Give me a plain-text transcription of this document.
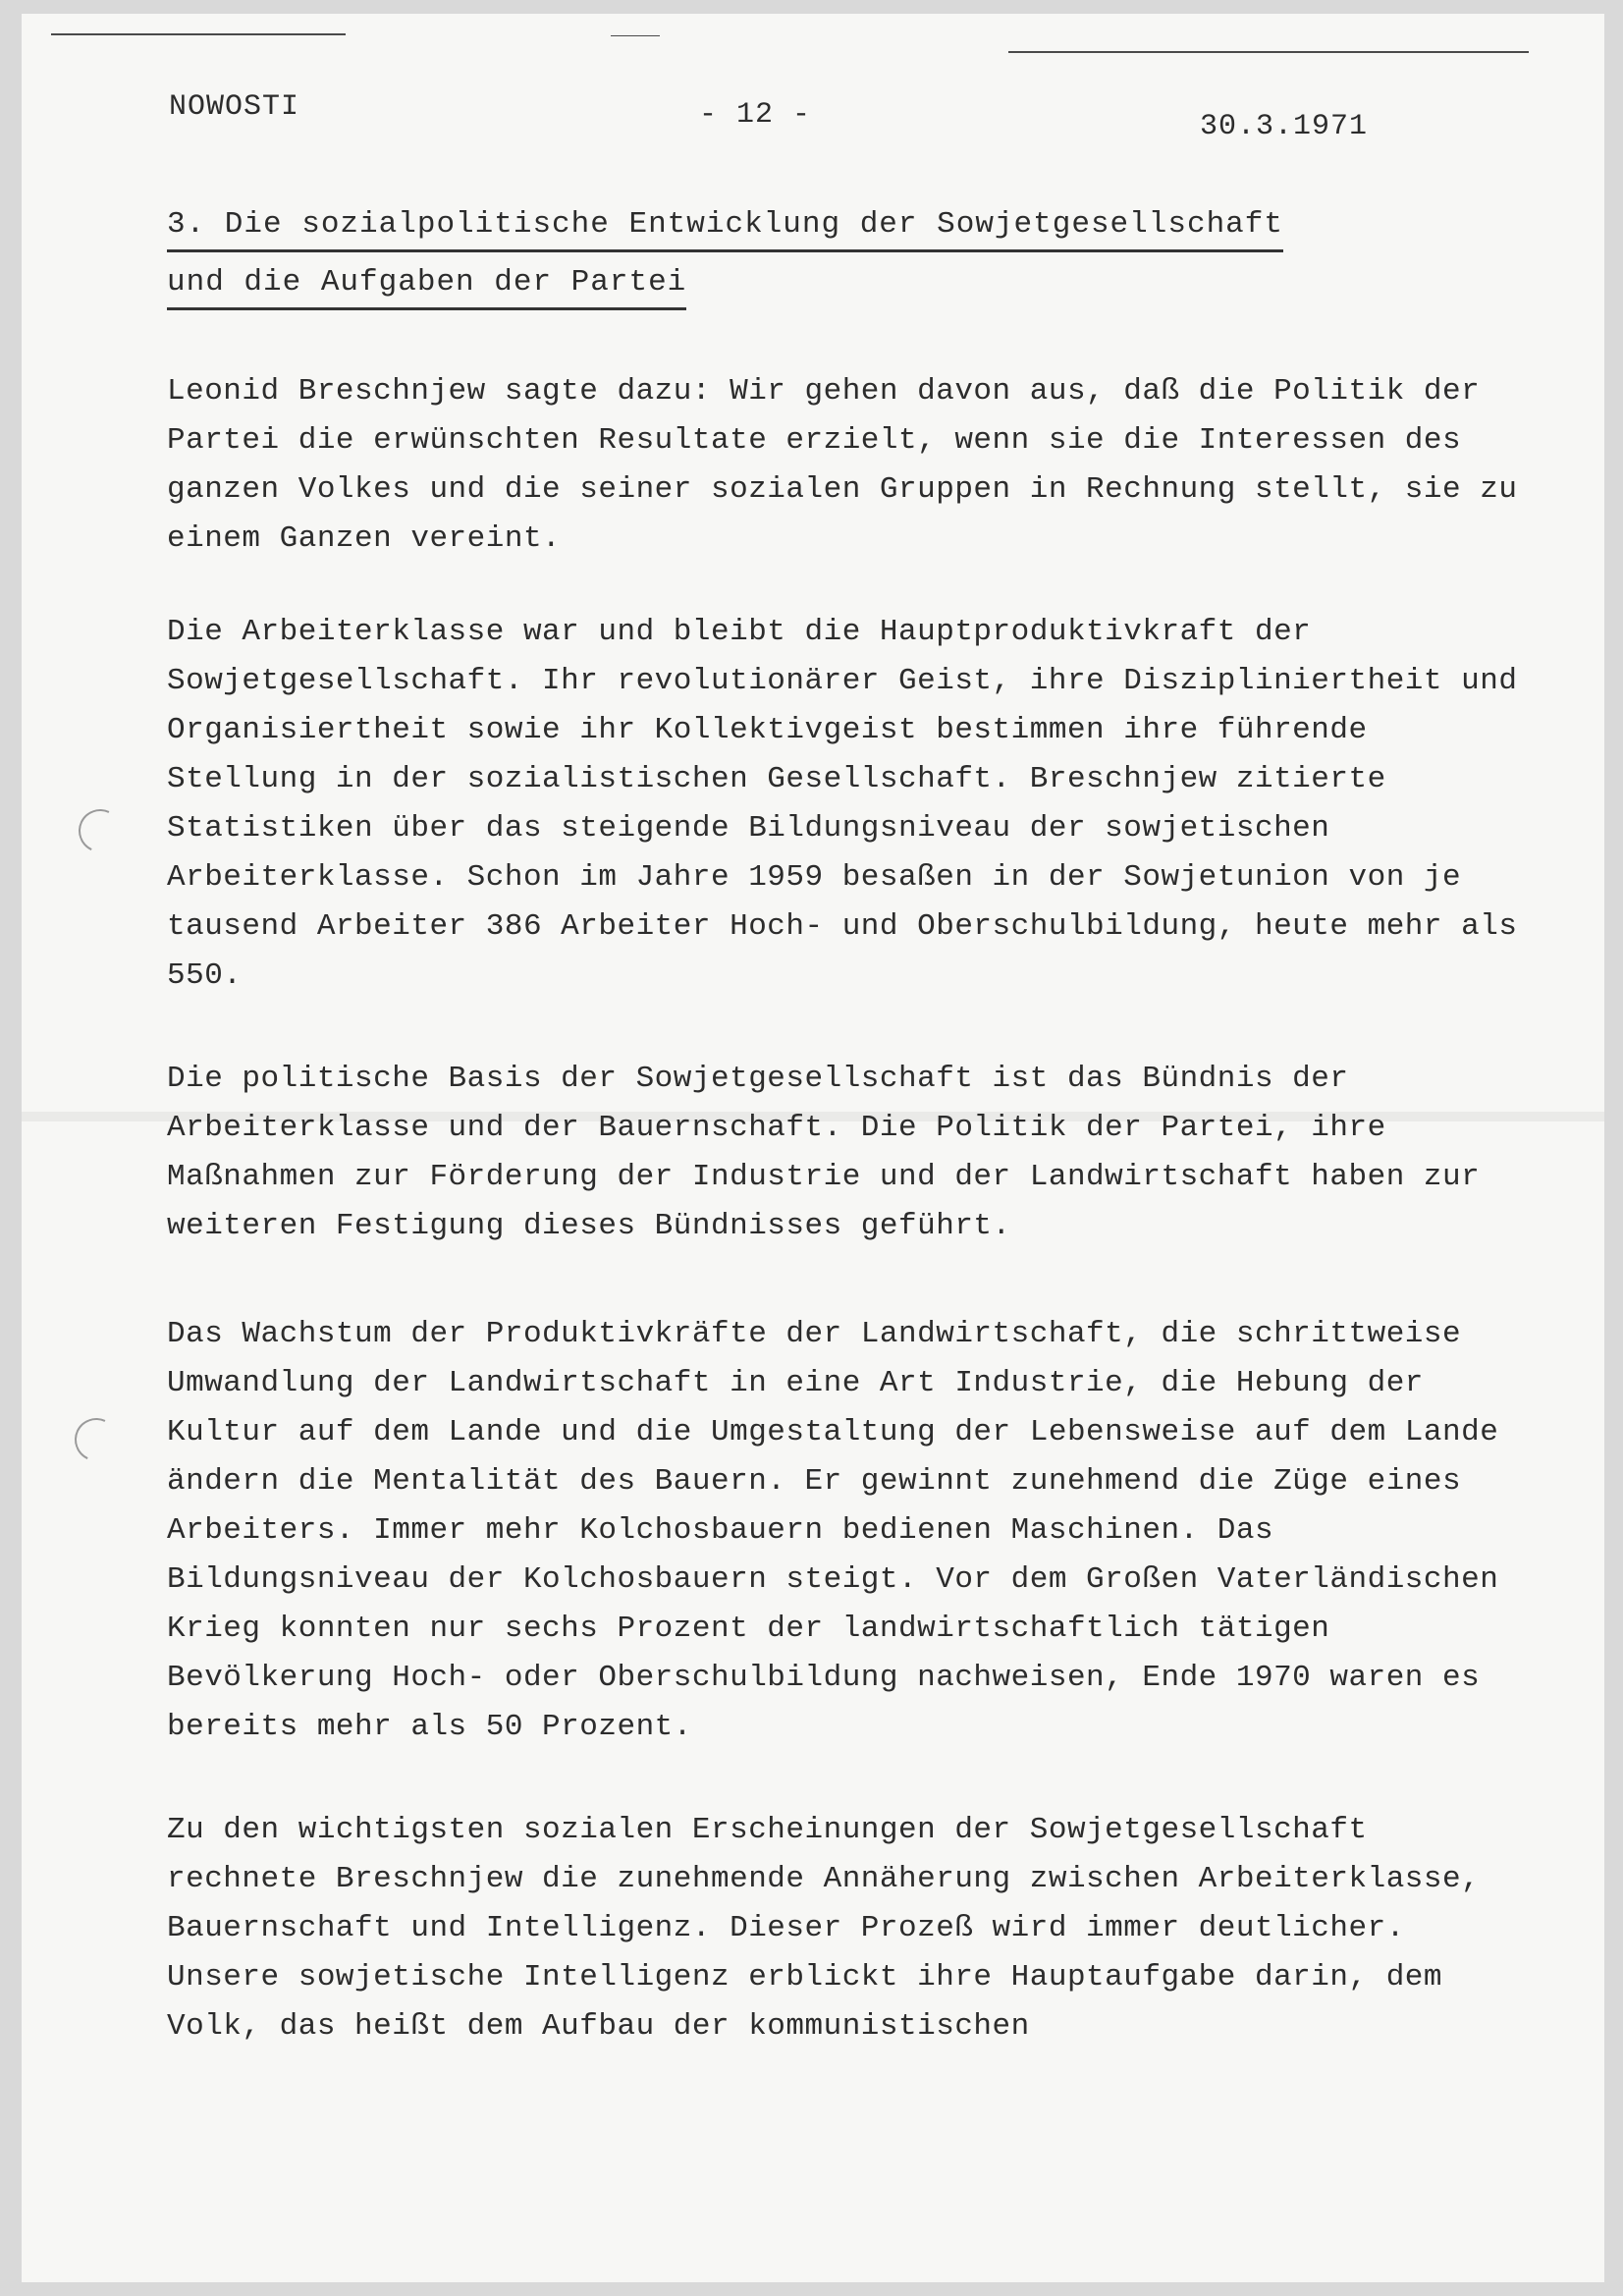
NOWOSTI	- 12 -	30.3.1971
3. Die sozialpolitische Entwicklung der Sowjetgesellschaft
und die Aufgaben der Partei
Leonid Breschnjew sagte dazu: Wir gehen davon aus, daß die Politik der Partei die erwünschten Resultate erzielt, wenn sie die Interessen des ganzen Volkes und die seiner sozialen Gruppen in Rechnung stellt, sie zu einem Ganzen vereint.
Die Arbeiterklasse war und bleibt die Hauptproduktivkraft der Sowjetgesellschaft. Ihr revolutionärer Geist, ihre Diszipliniertheit und Organisiertheit sowie ihr Kollektivgeist bestimmen ihre führende Stellung in der sozialistischen Gesellschaft. Breschnjew zitierte Statistiken über das steigende Bildungsniveau der sowjetischen Arbeiterklasse. Schon im Jahre 1959 besaßen in der Sowjetunion von je tausend Arbeiter 386 Arbeiter Hoch- und Oberschulbildung, heute mehr als 550.
Die politische Basis der Sowjetgesellschaft ist das Bündnis der Arbeiterklasse und der Bauernschaft. Die Politik der Partei, ihre Maßnahmen zur Förderung der Industrie und der Landwirtschaft haben zur weiteren Festigung dieses Bündnisses geführt.
Das Wachstum der Produktivkräfte der Landwirtschaft, die schrittweise Umwandlung der Landwirtschaft in eine Art Industrie, die Hebung der Kultur auf dem Lande und die Umgestaltung der Lebensweise auf dem Lande ändern die Mentalität des Bauern. Er gewinnt zunehmend die Züge eines Arbeiters. Immer mehr Kolchosbauern bedienen Maschinen. Das Bildungsniveau der Kolchosbauern steigt. Vor dem Großen Vaterländischen Krieg konnten nur sechs Prozent der landwirtschaftlich tätigen Bevölkerung Hoch- oder Oberschulbildung nachweisen, Ende 1970 waren es bereits mehr als 50 Prozent.
Zu den wichtigsten sozialen Erscheinungen der Sowjetgesellschaft rechnete Breschnjew die zunehmende Annäherung zwischen Arbeiterklasse, Bauernschaft und Intelligenz. Dieser Prozeß wird immer deutlicher. Unsere sowjetische Intelligenz erblickt ihre Hauptaufgabe darin, dem Volk, das heißt dem Aufbau der kommunistischen
